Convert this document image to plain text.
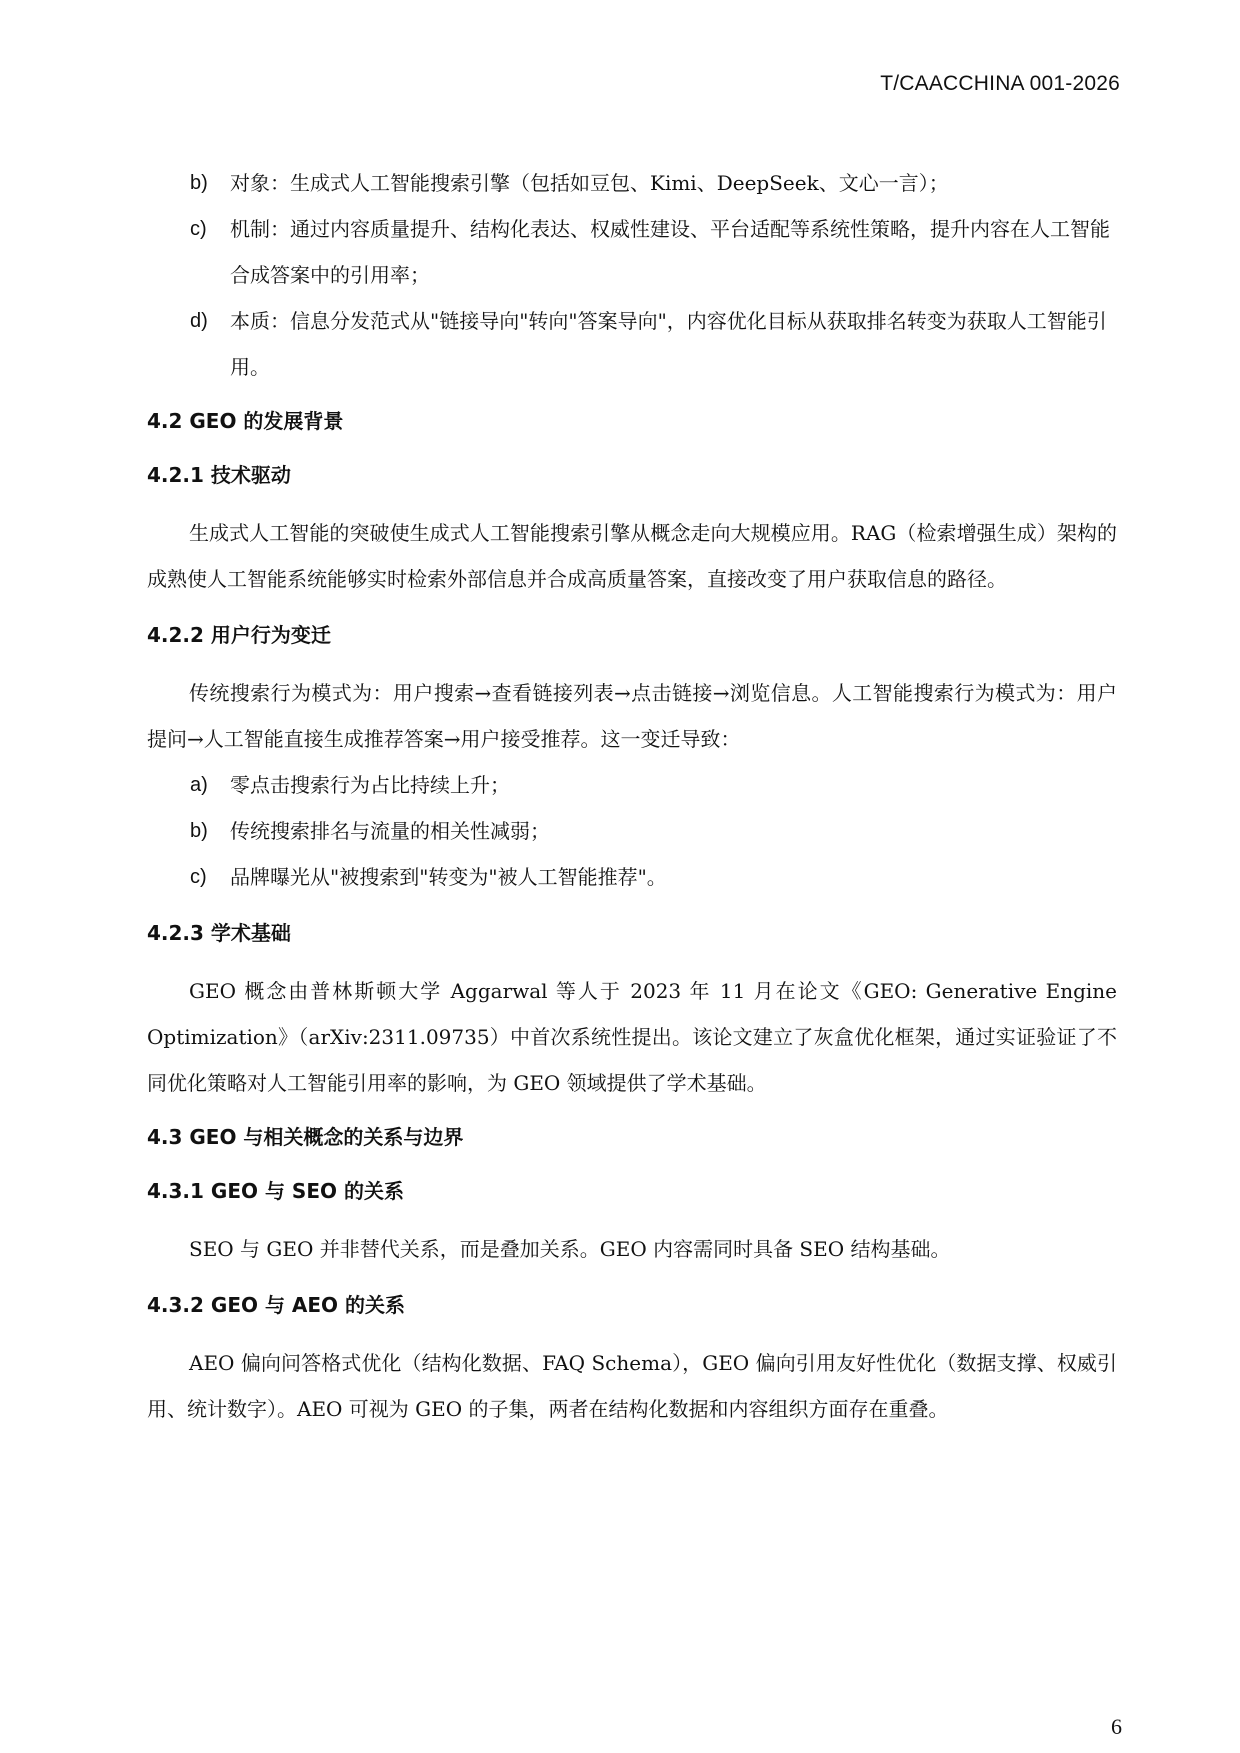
T/CAACCHINA 001-2026

b) 对象：生成式人工智能搜索引擎（包括如豆包、Kimi、DeepSeek、文心一言）；

c) 机制：通过内容质量提升、结构化表达、权威性建设、平台适配等系统性策略，提升内容在人工智能合成答案中的引用率；

d) 本质：信息分发范式从"链接导向"转向"答案导向"，内容优化目标从获取排名转变为获取人工智能引用。

4.2 GEO 的发展背景
4.2.1 技术驱动

生成式人工智能的突破使生成式人工智能搜索引擎从概念走向大规模应用。RAG（检索增强生成）架构的成熟使人工智能系统能够实时检索外部信息并合成高质量答案，直接改变了用户获取信息的路径。

4.2.2 用户行为变迁

传统搜索行为模式为：用户搜索→查看链接列表→点击链接→浏览信息。人工智能搜索行为模式为：用户提问→人工智能直接生成推荐答案→用户接受推荐。这一变迁导致：

a) 零点击搜索行为占比持续上升；

b) 传统搜索排名与流量的相关性减弱；

c) 品牌曝光从"被搜索到"转变为"被人工智能推荐"。

4.2.3 学术基础

GEO 概念由普林斯顿大学 Aggarwal 等人于 2023 年 11 月在论文《GEO: Generative Engine Optimization》（arXiv:2311.09735）中首次系统性提出。该论文建立了灰盒优化框架，通过实证验证了不同优化策略对人工智能引用率的影响，为 GEO 领域提供了学术基础。

4.3 GEO 与相关概念的关系与边界
4.3.1 GEO 与 SEO 的关系

SEO 与 GEO 并非替代关系，而是叠加关系。GEO 内容需同时具备 SEO 结构基础。

4.3.2 GEO 与 AEO 的关系

AEO 偏向问答格式优化（结构化数据、FAQ Schema），GEO 偏向引用友好性优化（数据支撑、权威引用、统计数字）。AEO 可视为 GEO 的子集，两者在结构化数据和内容组织方面存在重叠。

6
